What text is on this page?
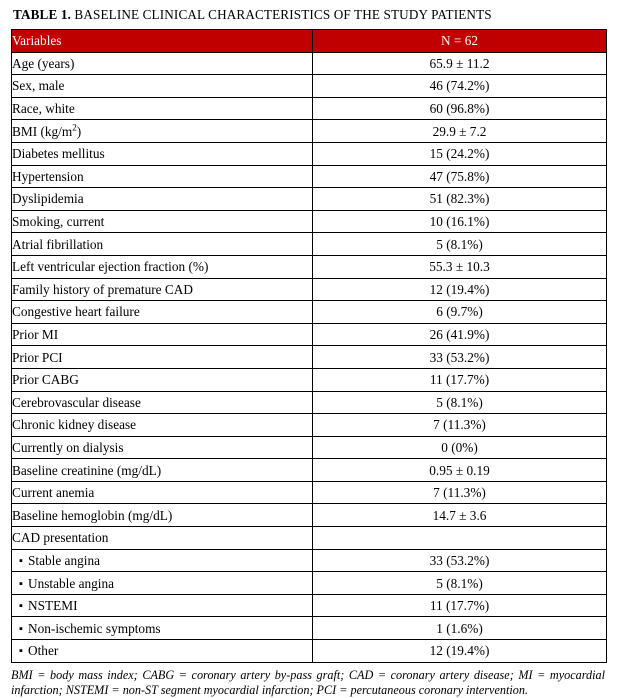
TABLE 1. BASELINE CLINICAL CHARACTERISTICS OF THE STUDY PATIENTS
Variables	N = 62
Age (years)	65.9 ± 11.2
Sex, male	46 (74.2%)
Race, white	60 (96.8%)
BMI $(kg/m^2)$	29.9 ± 7.2
Diabetes mellitus	15 (24.2%)
Hypertension	47 (75.8%)
Dyslipidemia	51 (82.3%)
Smoking, current	10 (16.1%)
Atrial fibrillation	5 (8.1%)
Left ventricular ejection fraction (%)	55.3 ± 10.3
Family history of premature CAD	12 (19.4%)
Congestive heart failure	6 (9.7%)
Prior MI	26 (41.9%)
Prior PCI	33 (53.2%)
Prior CABG	11 (17.7%)
Cerebrovascular disease	5 (8.1%)
Chronic kidney disease	7 (11.3%)
Currently on dialysis	0 (0%)
Baseline creatinine (mg/dL)	0.95 ± 0.19
Current anemia	7 (11.3%)
Baseline hemoglobin (mg/dL)	14.7 ± 3.6
CAD presentation	
▪ Stable angina	33 (53.2%)
▪ Unstable angina	5 (8.1%)
▪ NSTEMI	11 (17.7%)
▪ Non-ischemic symptoms	1 (1.6%)
▪ Other	12 (19.4%)
BMI = body mass index; CABG = coronary artery by-pass graft; CAD = coronary artery disease; MI = myocardial infarction; NSTEMI = non-ST segment myocardial infarction; PCI = percutaneous coronary intervention.
